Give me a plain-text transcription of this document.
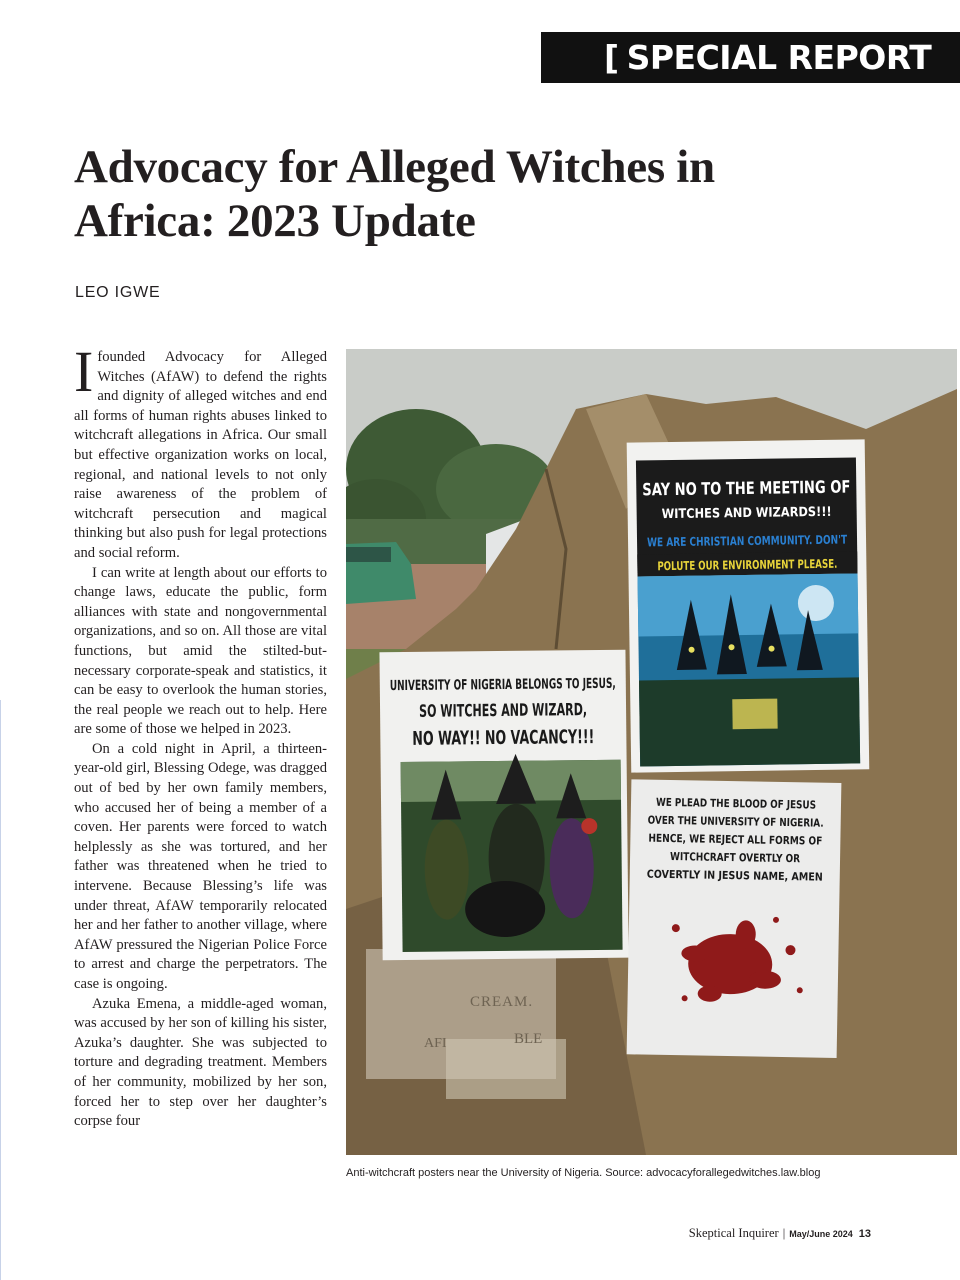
[ SPECIAL REPORT
Advocacy for Alleged Witches in Africa: 2023 Update
LEO IGWE

Ifounded Advocacy for Alleged Witches (AfAW) to defend the rights and dignity of alleged witches and end all forms of human rights abuses linked to witchcraft allegations in Africa. Our small but effective organization works on local, regional, and national levels to not only raise awareness of the problem of witchcraft persecution and magical thinking but also push for legal protections and social reform.

I can write at length about our efforts to change laws, educate the public, form alliances with state and nongovernmental organizations, and so on. All those are vital functions, but amid the stilted-but-necessary corporate-speak and statistics, it can be easy to overlook the human stories, the real people we reach out to help. Here are some of those we helped in 2023.

On a cold night in April, a thirteen-year-old girl, Blessing Odege, was dragged out of bed by her own family members, who accused her of being a member of a coven. Her parents were forced to watch helplessly as she was tortured, and her father was threatened when he tried to intervene. Because Blessing’s life was under threat, AfAW temporarily relocated her and her father to another village, where AfAW pressured the Nigerian Police Force to arrest and charge the perpetrators. The case is ongoing.

Azuka Emena, a middle-aged woman, was accused by her son of killing his sister, Azuka’s daughter. She was subjected to torture and degrading treatment. Members of her community, mobilized by her son, forced her to step over her daughter’s corpse four

CREAM.
AFI	BLE
SAY NO TO THE MEETING OF
WITCHES AND WIZARDS!!!
WE ARE CHRISTIAN COMMUNITY. DON'T
POLUTE OUR ENVIRONMENT PLEASE.
UNIVERSITY OF NIGERIA BELONGS TO JESUS,
SO WITCHES AND WIZARD,
NO WAY!! NO VACANCY!!!
WE PLEAD THE BLOOD OF JESUS
OVER THE UNIVERSITY OF NIGERIA.
HENCE, WE REJECT ALL FORMS OF
WITCHCRAFT OVERTLY OR
COVERTLY IN JESUS NAME, AMEN
Anti-witchcraft posters near the University of Nigeria. Source: advocacyforallegedwitches.law.blog
Skeptical Inquirer | May/June 2024 13
